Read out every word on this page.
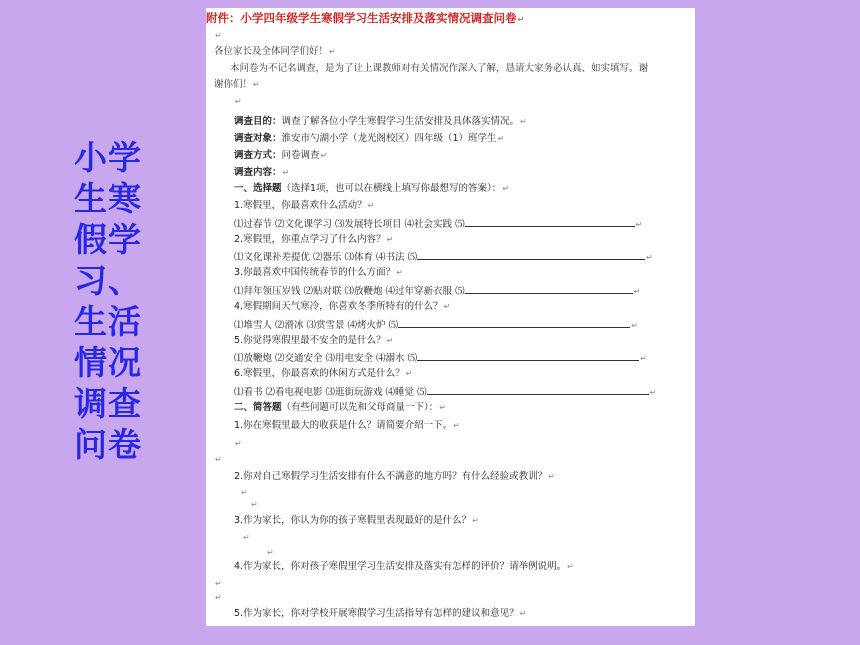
小学
生寒
假学
习、
生活
情况
调查
问卷
附件：小学四年级学生寒假学习生活安排及落实情况调查问卷↵
↵
各位家长及全体同学们好！↵
本问卷为不记名调查，是为了让上课教师对有关情况作深入了解，恳请大家务必认真、如实填写。谢
谢你们！↵
↵
调查目的：调查了解各位小学生寒假学习生活安排及具体落实情况。↵
调查对象：淮安市勺湖小学（龙光阁校区）四年级（1）班学生↵
调查方式：问卷调查↵
调查内容：↵
一、选择题（选择1项，也可以在横线上填写你最想写的答案）：↵
1.寒假里，你最喜欢什么活动？↵
⑴过春节 ⑵文化课学习 ⑶发展特长项目 ⑷社会实践 ⑸	↵
2.寒假里，你重点学习了什么内容？↵
⑴文化课补差提优 ⑵器乐 ⑶体育 ⑷书法 ⑸	↵
3.你最喜欢中国传统春节的什么方面？↵
⑴拜年领压岁钱 ⑵贴对联 ⑶放鞭炮 ⑷过年穿新衣服 ⑸	↵
4.寒假期间天气寒冷，你喜欢冬季所特有的什么？↵
⑴堆雪人 ⑵滑冰 ⑶赏雪景 ⑷烤火炉 ⑸	↵
5.你觉得寒假里最不安全的是什么？↵
⑴放鞭炮 ⑵交通安全 ⑶用电安全 ⑷溺水 ⑸	↵
6.寒假里，你最喜欢的休闲方式是什么？↵
⑴看书 ⑵看电视电影 ⑶逛街玩游戏 ⑷睡觉 ⑸	↵
二、简答题（有些问题可以先和父母商量一下）：↵
1.你在寒假里最大的收获是什么？请简要介绍一下。↵
↵
↵
2.你对自己寒假学习生活安排有什么不满意的地方吗？有什么经验或教训？↵
↵
↵
3.作为家长，你认为你的孩子寒假里表现最好的是什么？↵
↵
↵
4.作为家长，你对孩子寒假里学习生活安排及落实有怎样的评价？请举例说明。↵
↵
↵
5.作为家长，你对学校开展寒假学习生活指导有怎样的建议和意见？↵
